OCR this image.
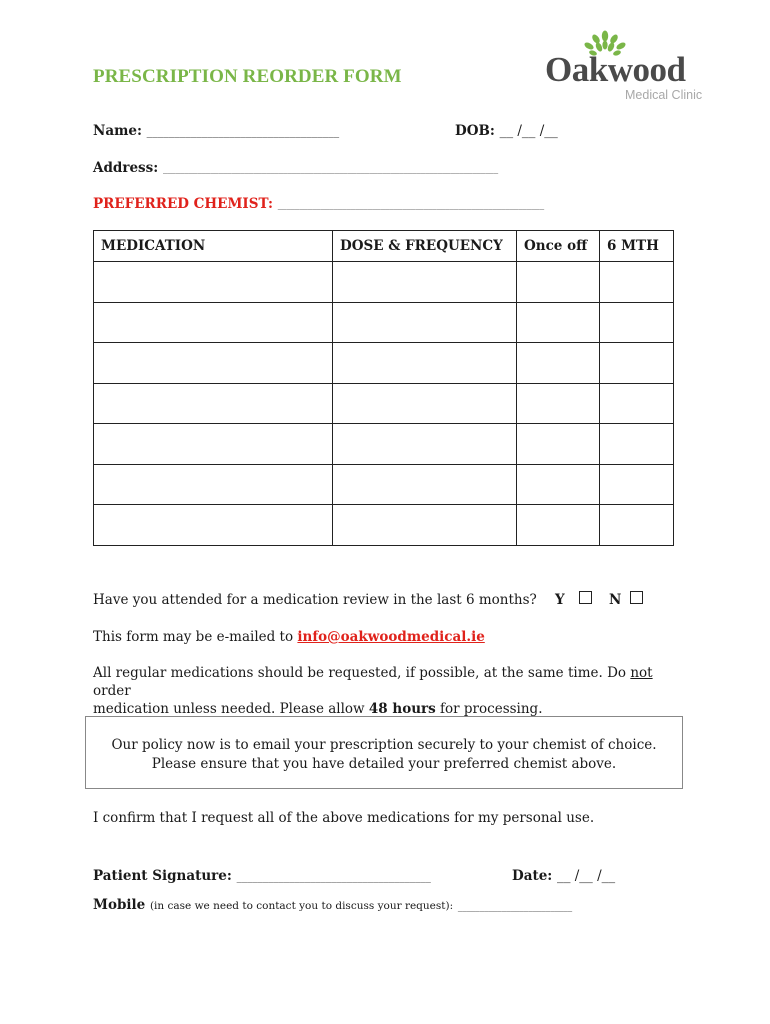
PRESCRIPTION REORDER FORM	Oakwood
Medical Clinic
Name: ___________________________________	DOB: __ /__ /__
Address: ______________________________________________________________________________
PREFERRED CHEMIST: ______________________________________________________________
MEDICATION	DOSE & FREQUENCY	Once off	6 MTH

Have you attended for a medication review in the last 6 months? Y	N
This form may be e-mailed to info@oakwoodmedical.ie
All regular medications should be requested, if possible, at the same time. Do not order
medication unless needed. Please allow 48 hours for processing.
Our policy now is to email your prescription securely to your chemist of choice.
Please ensure that you have detailed your preferred chemist above.
I confirm that I request all of the above medications for my personal use.
Patient Signature: _____________________________________	Date: __ /__ /__
Mobile (in case we need to contact you to discuss your request): __________________________
